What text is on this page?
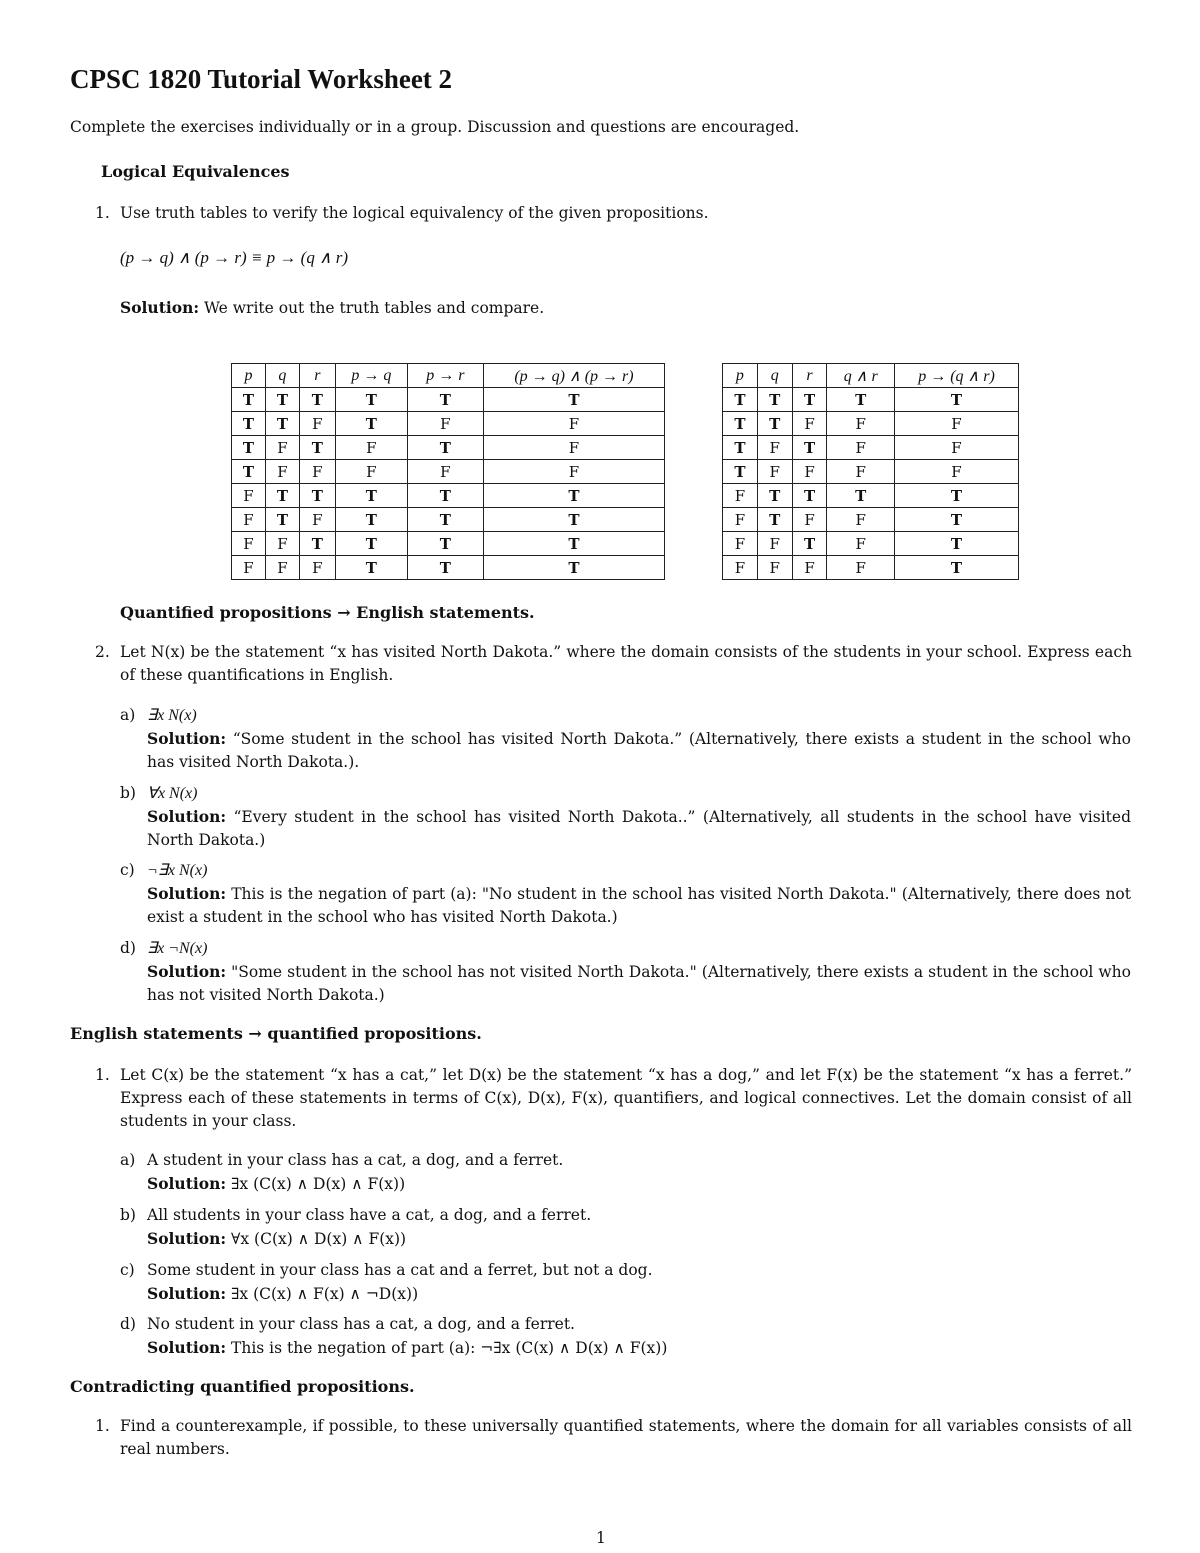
CPSC 1820 Tutorial Worksheet 2
Complete the exercises individually or in a group. Discussion and questions are encouraged.
Logical Equivalences
1. Use truth tables to verify the logical equivalency of the given propositions.
(p → q) ∧ (p → r) ≡ p → (q ∧ r)
Solution: We write out the truth tables and compare.
p	q	r	p → q	p → r	(p → q) ∧ (p → r)
T	T	T	T	T	T
T	T	F	T	F	F
T	F	T	F	T	F
T	F	F	F	F	F
F	T	T	T	T	T
F	T	F	T	T	T
F	F	T	T	T	T
F	F	F	T	T	T
p	q	r	q ∧ r	p → (q ∧ r)
T	T	T	T	T
T	T	F	F	F
T	F	T	F	F
T	F	F	F	F
F	T	T	T	T
F	T	F	F	T
F	F	T	F	T
F	F	F	F	T
Quantified propositions → English statements.
2. Let N(x) be the statement “x has visited North Dakota.” where the domain consists of the students in your school. Express each of these quantifications in English.
a) ∃x N(x)
Solution: “Some student in the school has visited North Dakota.” (Alternatively, there exists a student in the school who has visited North Dakota.).
b) ∀x N(x)
Solution: “Every student in the school has visited North Dakota..” (Alternatively, all students in the school have visited North Dakota.)
c) ¬∃x N(x)
Solution: This is the negation of part (a): "No student in the school has visited North Dakota." (Alternatively, there does not exist a student in the school who has visited North Dakota.)
d) ∃x ¬N(x)
Solution: "Some student in the school has not visited North Dakota." (Alternatively, there exists a student in the school who has not visited North Dakota.)
English statements → quantified propositions.
1. Let C(x) be the statement “x has a cat,” let D(x) be the statement “x has a dog,” and let F(x) be the statement “x has a ferret.” Express each of these statements in terms of C(x), D(x), F(x), quantifiers, and logical connectives. Let the domain consist of all students in your class.
a) A student in your class has a cat, a dog, and a ferret.
Solution: ∃x (C(x) ∧ D(x) ∧ F(x))
b) All students in your class have a cat, a dog, and a ferret.
Solution: ∀x (C(x) ∧ D(x) ∧ F(x))
c) Some student in your class has a cat and a ferret, but not a dog.
Solution: ∃x (C(x) ∧ F(x) ∧ ¬D(x))
d) No student in your class has a cat, a dog, and a ferret.
Solution: This is the negation of part (a): ¬∃x (C(x) ∧ D(x) ∧ F(x))
Contradicting quantified propositions.
1. Find a counterexample, if possible, to these universally quantified statements, where the domain for all variables consists of all real numbers.
1
